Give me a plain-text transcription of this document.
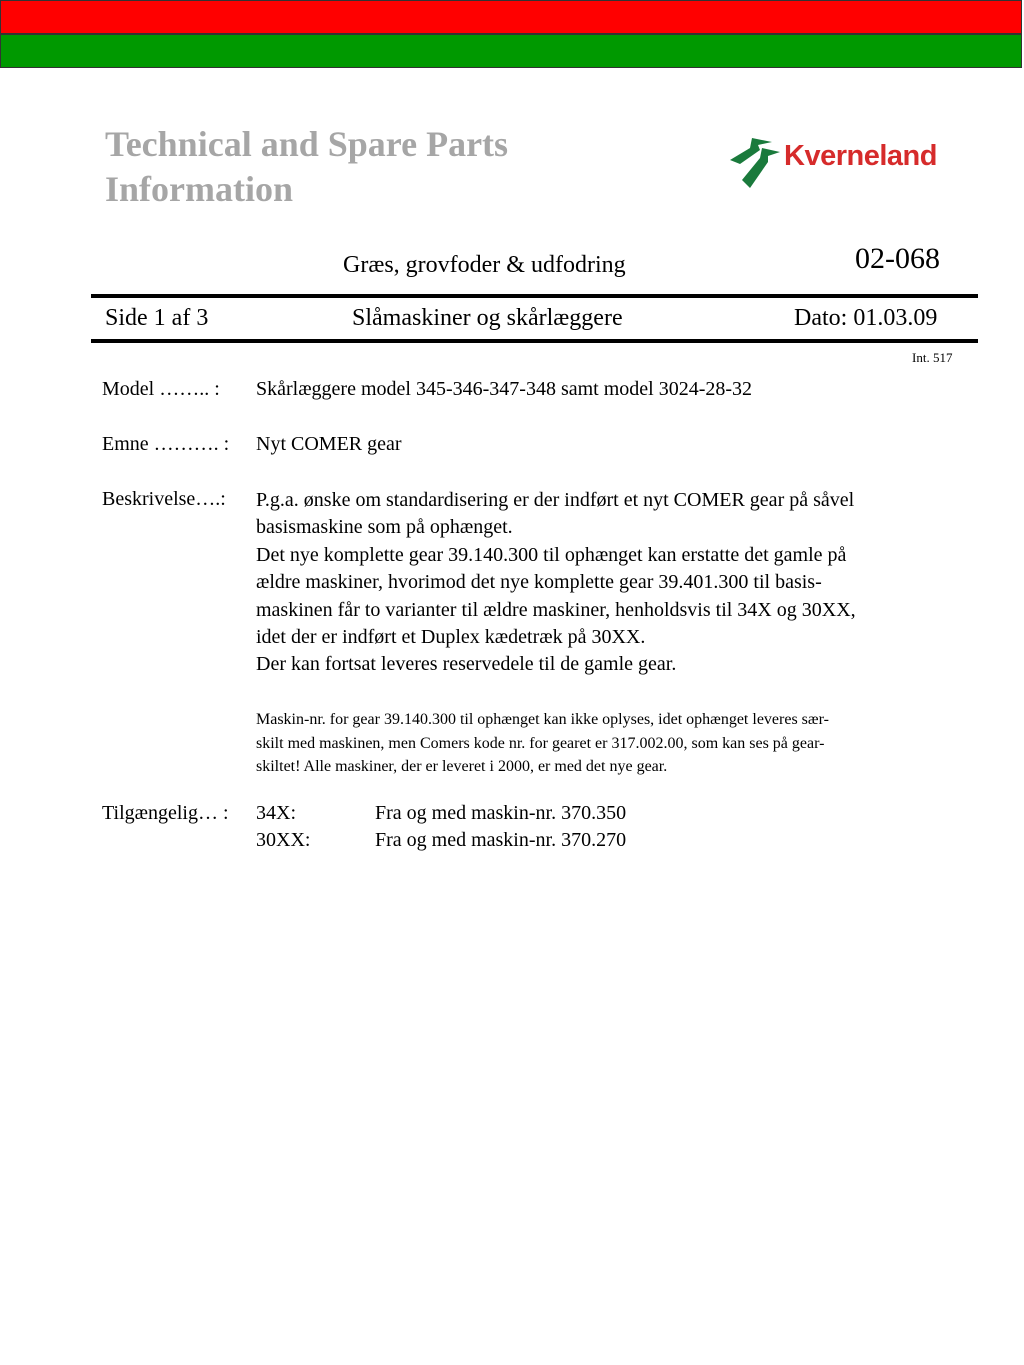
Technical and Spare Parts
Information
Kverneland
Græs, grovfoder & udfodring	02-068
Side 1 af 3	Slåmaskiner og skårlæggere	Dato: 01.03.09
Int. 517
Model …….. : Skårlæggere model 345-346-347-348 samt model 3024-28-32
Emne ………. : Nyt COMER gear
Beskrivelse….: P.g.a. ønske om standardisering er der indført et nyt COMER gear på såvel
basismaskine som på ophænget.
Det nye komplette gear 39.140.300 til ophænget kan erstatte det gamle på
ældre maskiner, hvorimod det nye komplette gear 39.401.300 til basis-
maskinen får to varianter til ældre maskiner, henholdsvis til 34X og 30XX,
idet der er indført et Duplex kædetræk på 30XX.
Der kan fortsat leveres reservedele til de gamle gear.
Maskin-nr. for gear 39.140.300 til ophænget kan ikke oplyses, idet ophænget leveres sær-
skilt med maskinen, men Comers kode nr. for gearet er 317.002.00, som kan ses på gear-
skiltet! Alle maskiner, der er leveret i 2000, er med det nye gear.
Tilgængelig… : 34X:	Fra og med maskin-nr. 370.350
30XX:	Fra og med maskin-nr. 370.270
